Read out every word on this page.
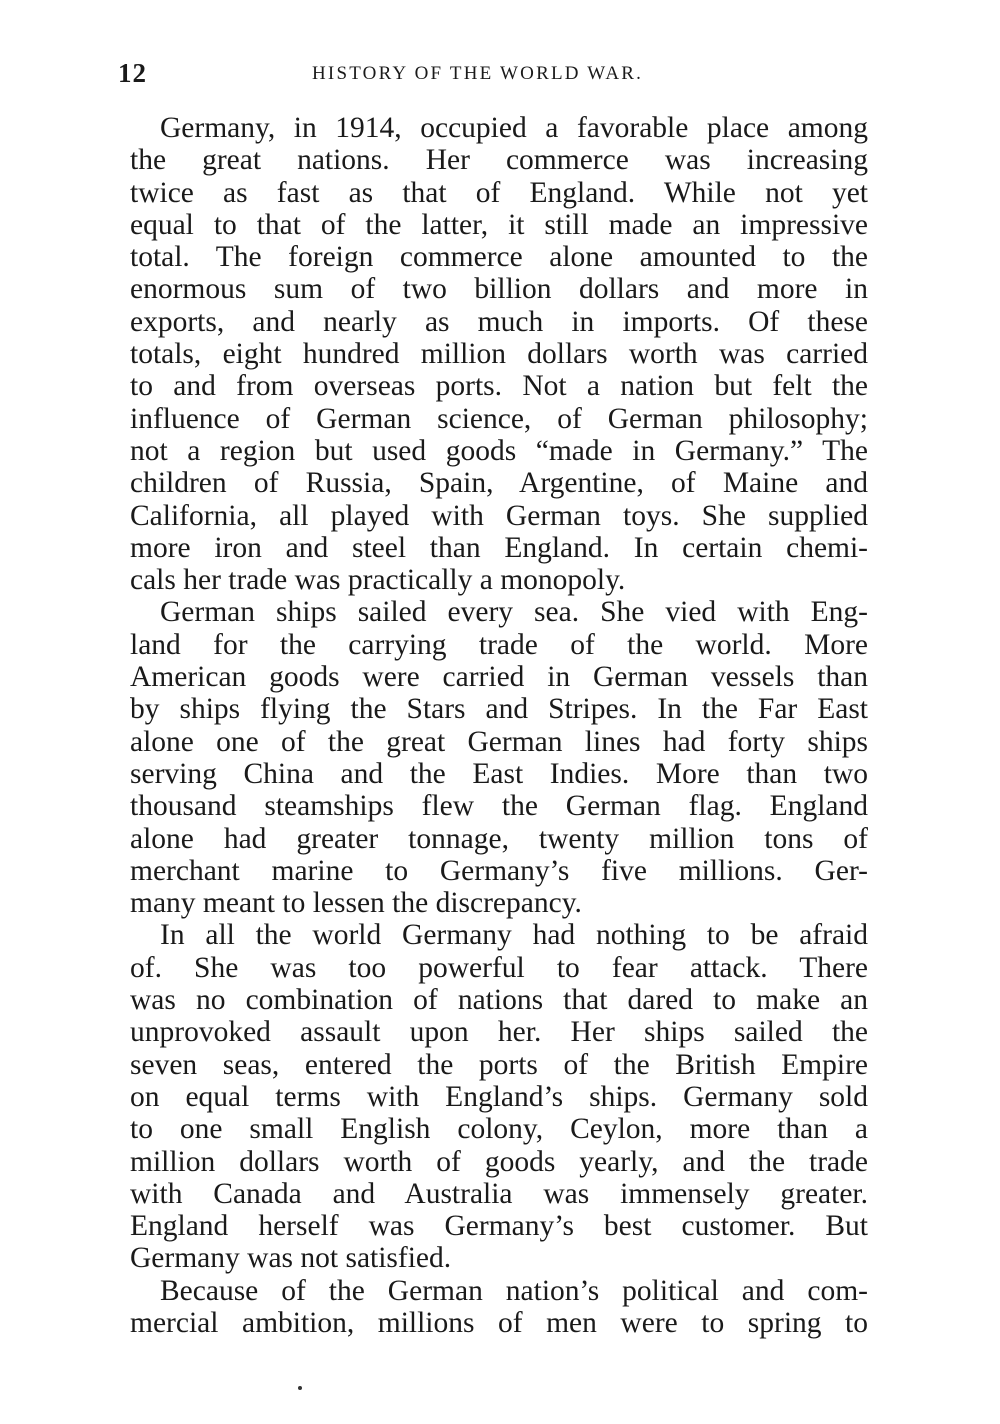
12	HISTORY OF THE WORLD WAR.
Germany, in 1914, occupied a favorable place among
the great nations. Her commerce was increasing
twice as fast as that of England. While not yet
equal to that of the latter, it still made an impressive
total. The foreign commerce alone amounted to the
enormous sum of two billion dollars and more in
exports, and nearly as much in imports. Of these
totals, eight hundred million dollars worth was carried
to and from overseas ports. Not a nation but felt the
influence of German science, of German philosophy;
not a region but used goods “made in Germany.” The
children of Russia, Spain, Argentine, of Maine and
California, all played with German toys. She supplied
more iron and steel than England. In certain chemi-
cals her trade was practically a monopoly.
German ships sailed every sea. She vied with Eng-
land for the carrying trade of the world. More
American goods were carried in German vessels than
by ships flying the Stars and Stripes. In the Far East
alone one of the great German lines had forty ships
serving China and the East Indies. More than two
thousand steamships flew the German flag. England
alone had greater tonnage, twenty million tons of
merchant marine to Germany’s five millions. Ger-
many meant to lessen the discrepancy.
In all the world Germany had nothing to be afraid
of. She was too powerful to fear attack. There
was no combination of nations that dared to make an
unprovoked assault upon her. Her ships sailed the
seven seas, entered the ports of the British Empire
on equal terms with England’s ships. Germany sold
to one small English colony, Ceylon, more than a
million dollars worth of goods yearly, and the trade
with Canada and Australia was immensely greater.
England herself was Germany’s best customer. But
Germany was not satisfied.
Because of the German nation’s political and com-
mercial ambition, millions of men were to spring to
